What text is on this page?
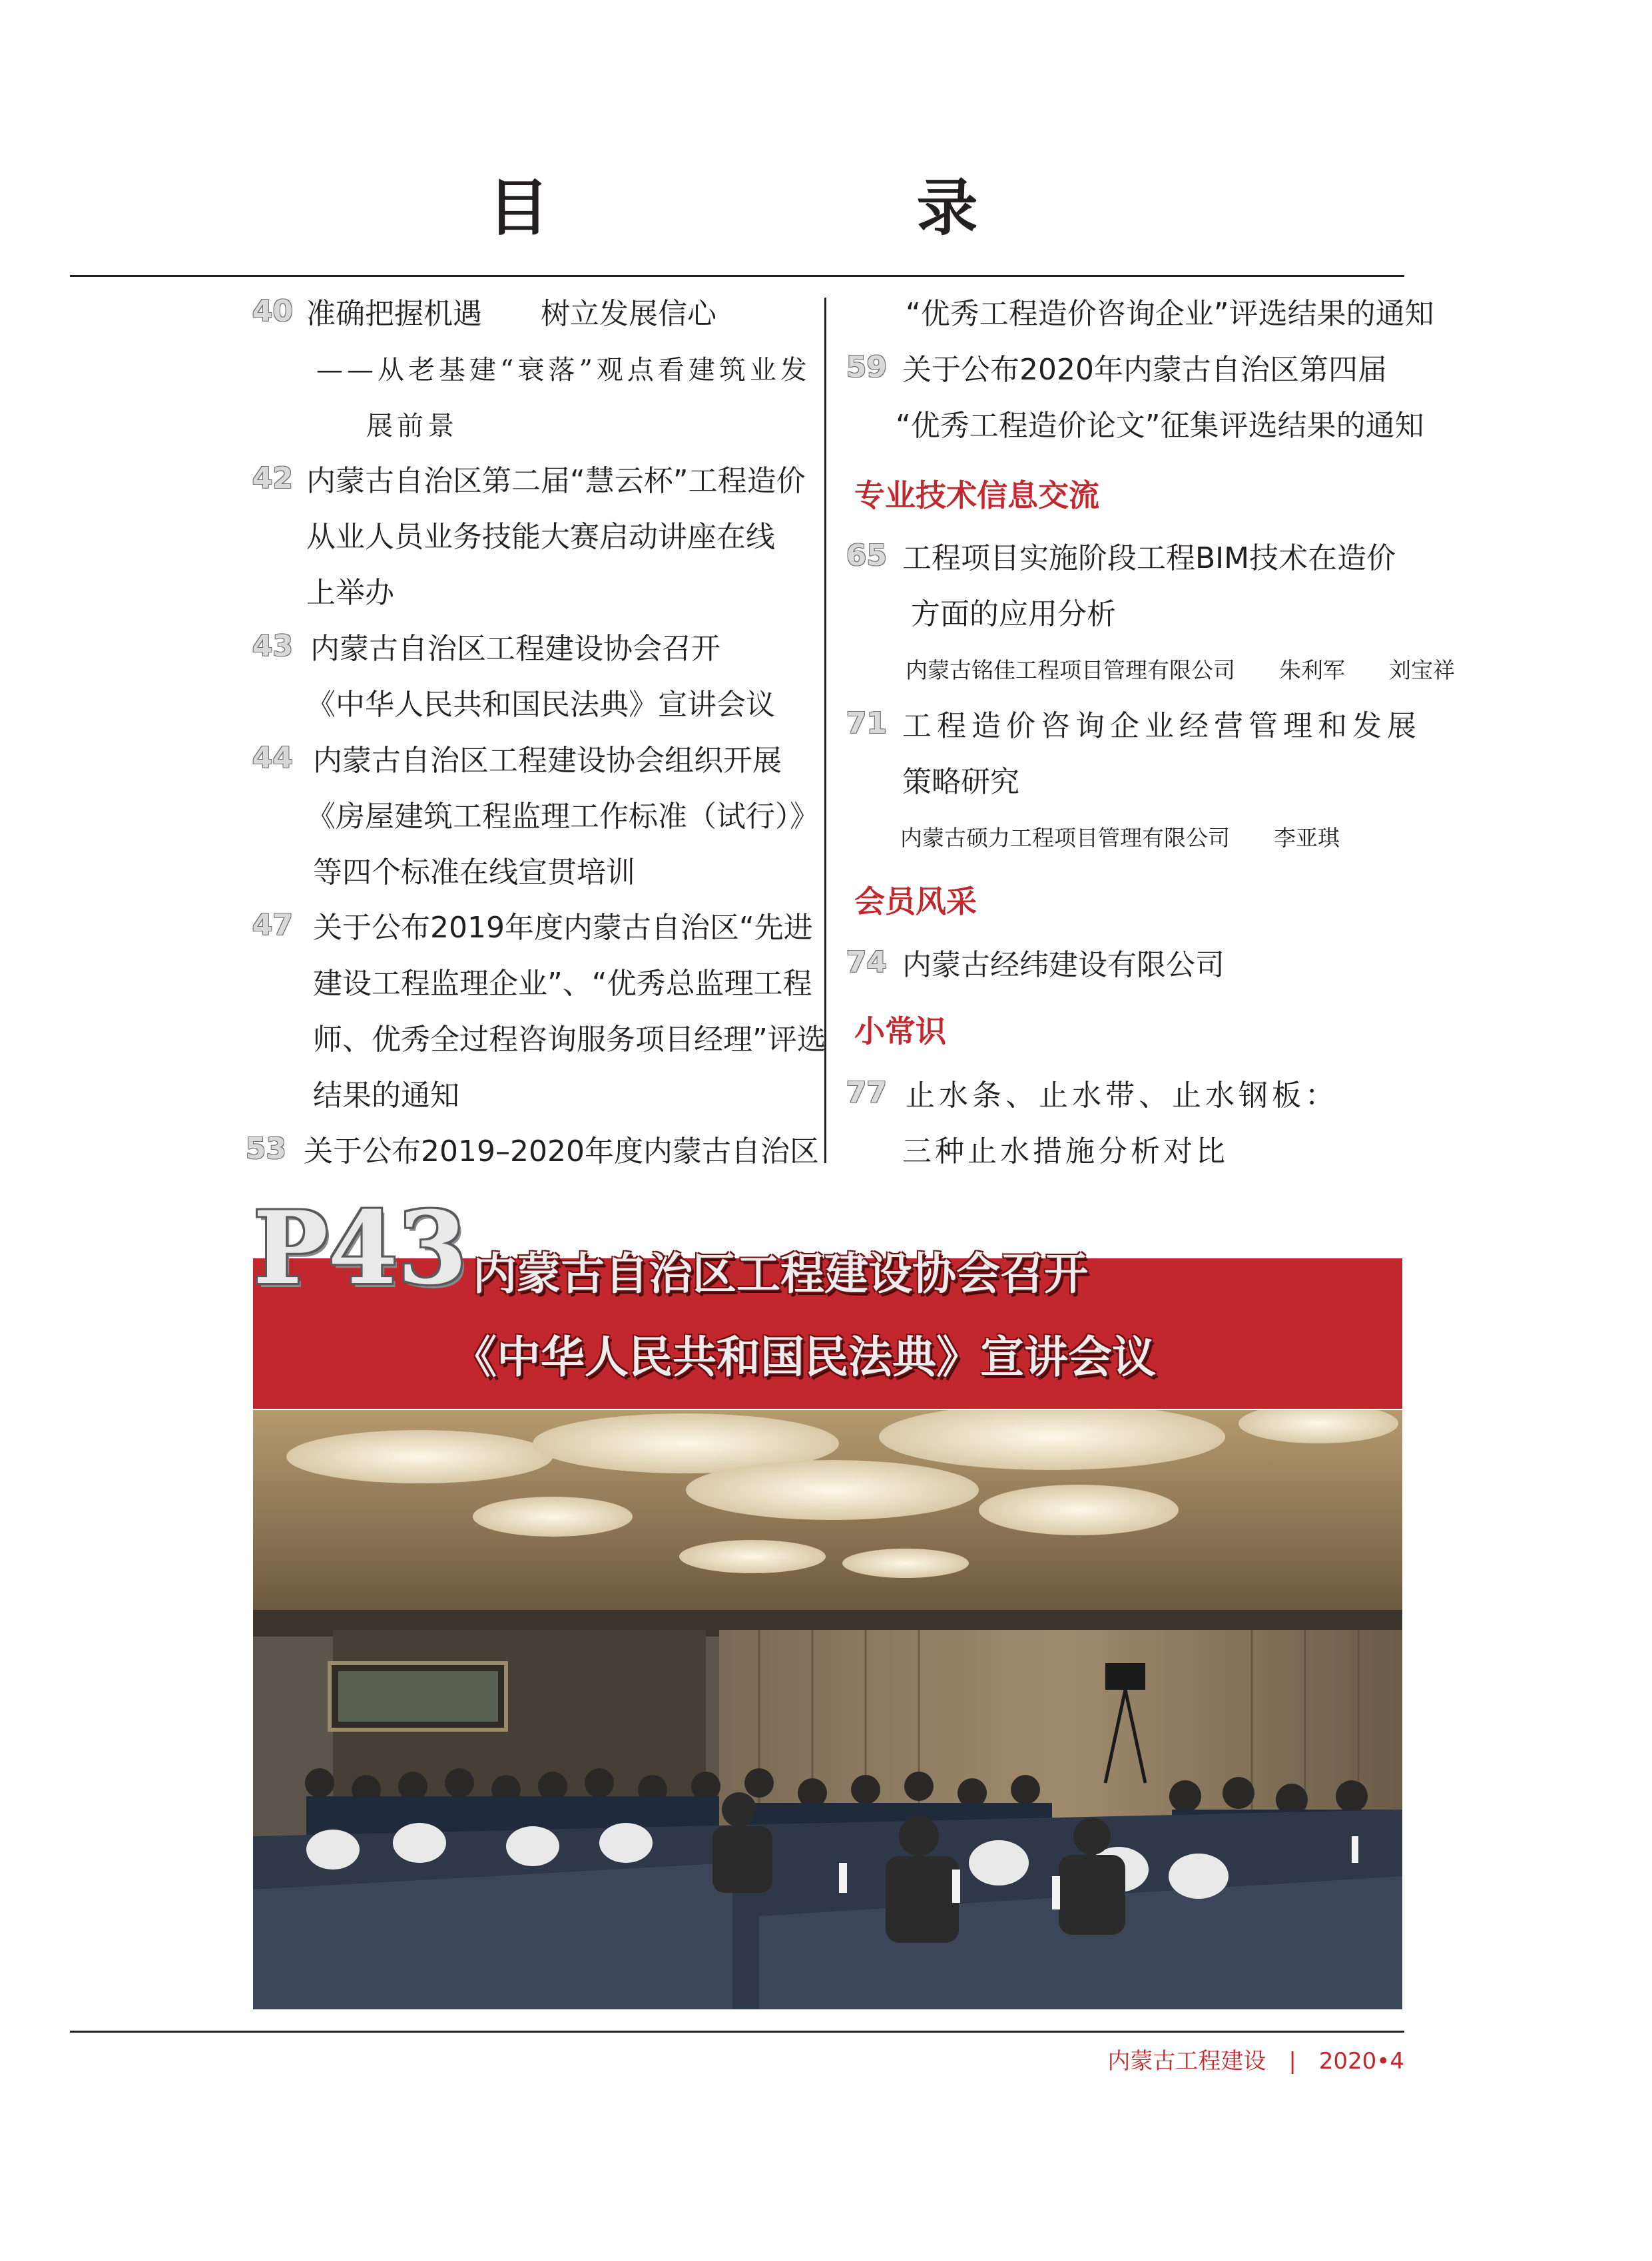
目 录
40 准确把握机遇　　树立发展信心
——从老基建“衰落”观点看建筑业发
展前景
42 内蒙古自治区第二届“慧云杯”工程造价
从业人员业务技能大赛启动讲座在线
上举办
43 内蒙古自治区工程建设协会召开
《中华人民共和国民法典》宣讲会议
44 内蒙古自治区工程建设协会组织开展
《房屋建筑工程监理工作标准（试行）》
等四个标准在线宣贯培训
47 关于公布2019年度内蒙古自治区“先进
建设工程监理企业”、“优秀总监理工程
师、优秀全过程咨询服务项目经理”评选
结果的通知
53 关于公布2019–2020年度内蒙古自治区
“优秀工程造价咨询企业”评选结果的通知
59 关于公布2020年内蒙古自治区第四届
“优秀工程造价论文”征集评选结果的通知
专业技术信息交流
65 工程项目实施阶段工程BIM技术在造价
方面的应用分析
内蒙古铭佳工程项目管理有限公司　　朱利军　　刘宝祥
71 工程造价咨询企业经营管理和发展
策略研究
内蒙古硕力工程项目管理有限公司　　李亚琪
会员风采
74 内蒙古经纬建设有限公司
小常识
77 止水条、止水带、止水钢板：
三种止水措施分析对比
P43 内蒙古自治区工程建设协会召开
《中华人民共和国民法典》宣讲会议
内蒙古工程建设　|　2020•4
